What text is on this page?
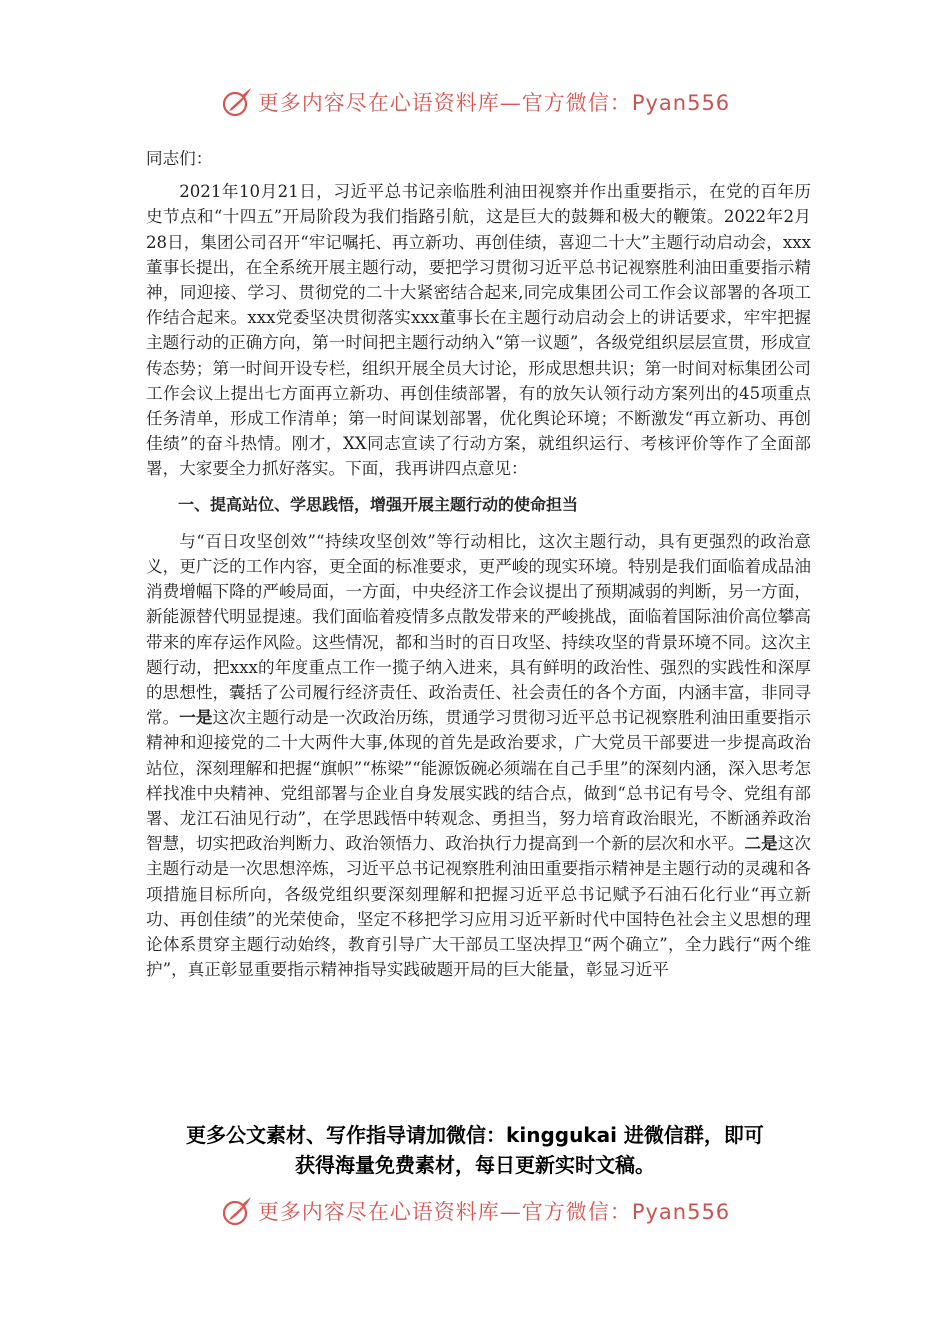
更多内容尽在心语资料库—官方微信：Pyan556

同志们：

2021年10月21日，习近平总书记亲临胜利油田视察并作出重要指示，在党的百年历史节点和“十四五”开局阶段为我们指路引航，这是巨大的鼓舞和极大的鞭策。2022年2月28日，集团公司召开“牢记嘱托、再立新功、再创佳绩，喜迎二十大”主题行动启动会，xxx董事长提出，在全系统开展主题行动，要把学习贯彻习近平总书记视察胜利油田重要指示精神，同迎接、学习、贯彻党的二十大紧密结合起来,同完成集团公司工作会议部署的各项工作结合起来。xxx党委坚决贯彻落实xxx董事长在主题行动启动会上的讲话要求，牢牢把握主题行动的正确方向，第一时间把主题行动纳入“第一议题”，各级党组织层层宣贯，形成宣传态势；第一时间开设专栏，组织开展全员大讨论，形成思想共识；第一时间对标集团公司工作会议上提出七方面再立新功、再创佳绩部署，有的放矢认领行动方案列出的45项重点任务清单，形成工作清单；第一时间谋划部署，优化舆论环境；不断激发“再立新功、再创佳绩”的奋斗热情。刚才，XX同志宣读了行动方案，就组织运行、考核评价等作了全面部署，大家要全力抓好落实。下面，我再讲四点意见：

一、提高站位、学思践悟，增强开展主题行动的使命担当

与“百日攻坚创效”“持续攻坚创效”等行动相比，这次主题行动，具有更强烈的政治意义，更广泛的工作内容，更全面的标准要求，更严峻的现实环境。特别是我们面临着成品油消费增幅下降的严峻局面，一方面，中央经济工作会议提出了预期减弱的判断，另一方面，新能源替代明显提速。我们面临着疫情多点散发带来的严峻挑战，面临着国际油价高位攀高带来的库存运作风险。这些情况，都和当时的百日攻坚、持续攻坚的背景环境不同。这次主题行动，把xxx的年度重点工作一揽子纳入进来，具有鲜明的政治性、强烈的实践性和深厚的思想性，囊括了公司履行经济责任、政治责任、社会责任的各个方面，内涵丰富，非同寻常。一是这次主题行动是一次政治历练，贯通学习贯彻习近平总书记视察胜利油田重要指示精神和迎接党的二十大两件大事,体现的首先是政治要求，广大党员干部要进一步提高政治站位，深刻理解和把握“旗帜”“栋梁”“能源饭碗必须端在自己手里”的深刻内涵，深入思考怎样找准中央精神、党组部署与企业自身发展实践的结合点，做到“总书记有号令、党组有部署、龙江石油见行动”，在学思践悟中转观念、勇担当，努力培育政治眼光，不断涵养政治智慧，切实把政治判断力、政治领悟力、政治执行力提高到一个新的层次和水平。二是这次主题行动是一次思想淬炼，习近平总书记视察胜利油田重要指示精神是主题行动的灵魂和各项措施目标所向，各级党组织要深刻理解和把握习近平总书记赋予石油石化行业“再立新功、再创佳绩”的光荣使命，坚定不移把学习应用习近平新时代中国特色社会主义思想的理论体系贯穿主题行动始终，教育引导广大干部员工坚决捍卫“两个确立”，全力践行“两个维护”，真正彰显重要指示精神指导实践破题开局的巨大能量，彰显习近平

更多公文素材、写作指导请加微信：kinggukai 进微信群，即可
获得海量免费素材，每日更新实时文稿。
更多内容尽在心语资料库—官方微信：Pyan556
